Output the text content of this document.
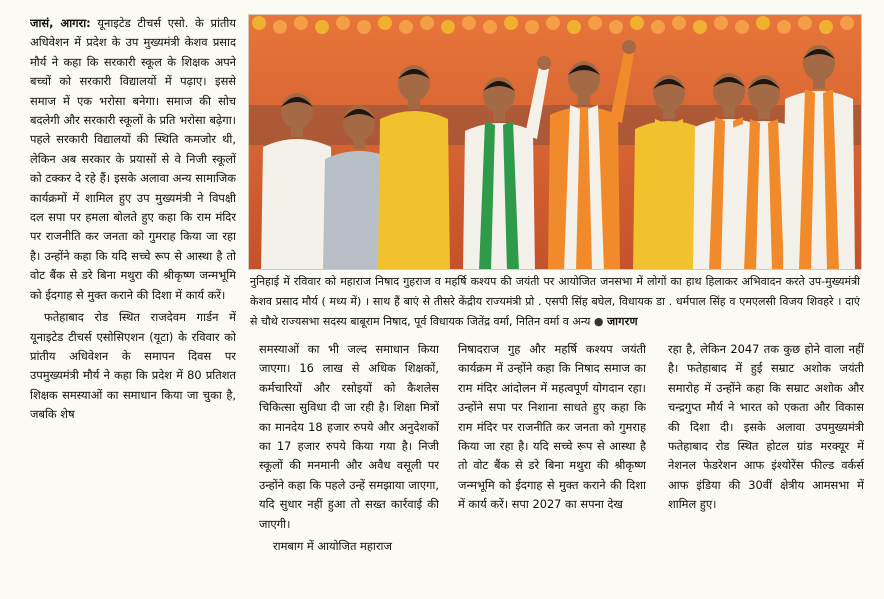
जासं, आगरा: यूनाइटेड टीचर्स एसो. के प्रांतीय अधिवेशन में प्रदेश के उप मुख्यमंत्री केशव प्रसाद मौर्य ने कहा कि सरकारी स्कूल के शिक्षक अपने बच्चों को सरकारी विद्यालयों में पढ़ाए। इससे समाज में एक भरोसा बनेगा। समाज की सोच बदलेगी और सरकारी स्कूलों के प्रति भरोसा बढ़ेगा। पहले सरकारी विद्यालयों की स्थिति कमजोर थी, लेकिन अब सरकार के प्रयासों से वे निजी स्कूलों को टक्कर दे रहे हैं। इसके अलावा अन्य सामाजिक कार्यक्रमों में शामिल हुए उप मुख्यमंत्री ने विपक्षी दल सपा पर हमला बोलते हुए कहा कि राम मंदिर पर राजनीति कर जनता को गुमराह किया जा रहा है। उन्होंने कहा कि यदि सच्चे रूप से आस्था है तो वोट बैंक से डरे बिना मथुरा की श्रीकृष्ण जन्मभूमि को ईदगाह से मुक्त कराने की दिशा में कार्य करें।

फतेहाबाद रोड स्थित राजदेवम गार्डन में यूनाइटेड टीचर्स एसोसिएशन (यूटा) के रविवार को प्रांतीय अधिवेशन के समापन दिवस पर उपमुख्यमंत्री मौर्य ने कहा कि प्रदेश में 80 प्रतिशत शिक्षक समस्याओं का समाधान किया जा चुका है, जबकि शेष

नुनिहाई में रविवार को महाराज निषाद गुहराज व महर्षि कश्यप की जयंती पर आयोजित जनसभा में लोगों का हाथ हिलाकर अभिवादन करते उप-मुख्यमंत्री केशव प्रसाद मौर्य ( मध्य में) । साथ हैं बाएं से तीसरे केंद्रीय राज्यमंत्री प्रो . एसपी सिंह बघेल, विधायक डा . धर्मपाल सिंह व एमएलसी विजय शिवहरे । दाएं से चौथे राज्यसभा सदस्य बाबूराम निषाद, पूर्व विधायक जितेंद्र वर्मा, नितिन वर्मा व अन्य ● जागरण

समस्याओं का भी जल्द समाधान किया जाएगा। 16 लाख से अधिक शिक्षकों, कर्मचारियों और रसोइयों को कैशलेस चिकित्सा सुविधा दी जा रही है। शिक्षा मित्रों का मानदेय 18 हजार रुपये और अनुदेशकों का 17 हजार रुपये किया गया है। निजी स्कूलों की मनमानी और अवैध वसूली पर उन्होंने कहा कि पहले उन्हें समझाया जाएगा, यदि सुधार नहीं हुआ तो सख्त कार्रवाई की जाएगी।

रामबाग में आयोजित महाराज

निषादराज गुह और महर्षि कश्यप जयंती कार्यक्रम में उन्होंने कहा कि निषाद समाज का राम मंदिर आंदोलन में महत्वपूर्ण योगदान रहा। उन्होंने सपा पर निशाना साधते हुए कहा कि राम मंदिर पर राजनीति कर जनता को गुमराह किया जा रहा है। यदि सच्चे रूप से आस्था है तो वोट बैंक से डरे बिना मथुरा की श्रीकृष्ण जन्मभूमि को ईदगाह से मुक्त कराने की दिशा में कार्य करें। सपा 2027 का सपना देख

रहा है, लेकिन 2047 तक कुछ होने वाला नहीं है। फतेहाबाद में हुई सम्राट अशोक जयंती समारोह में उन्होंने कहा कि सम्राट अशोक और चन्द्रगुप्त मौर्य ने भारत को एकता और विकास की दिशा दी। इसके अलावा उपमुख्यमंत्री फतेहाबाद रोड स्थित होटल ग्रांड मरक्यूर में नेशनल फेडरेशन आफ इंश्योरेंस फील्ड वर्कर्स आफ इंडिया की 30वीं क्षेत्रीय आमसभा में शामिल हुए।
